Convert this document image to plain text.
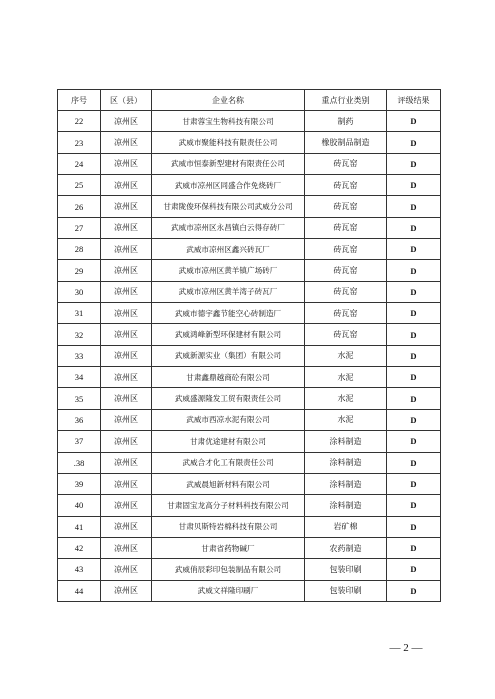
序号	区（县）	企业名称	重点行业类别	评级结果
22	凉州区	甘肃蓉宝生物科技有限公司	制药	D
23	凉州区	武威市聚能科技有限责任公司	橡胶制品制造	D
24	凉州区	武威市恒泰新型建材有限责任公司	砖瓦窑	D
25	凉州区	武威市凉州区同盛合作免烧砖厂	砖瓦窑	D
26	凉州区	甘肃陇俊环保科技有限公司武威分公司	砖瓦窑	D
27	凉州区	武威市凉州区永昌镇白云得存砖厂	砖瓦窑	D
28	凉州区	武威市凉州区鑫兴砖瓦厂	砖瓦窑	D
29	凉州区	武威市凉州区黄羊镇广场砖厂	砖瓦窑	D
30	凉州区	武威市凉州区黄羊湾子砖瓦厂	砖瓦窑	D
31	凉州区	武威市德宇鑫节能空心砖制造厂	砖瓦窑	D
32	凉州区	武威鸿峰新型环保建材有限公司	砖瓦窑	D
33	凉州区	武威新源实业（集团）有限公司	水泥	D
34	凉州区	甘肃鑫鼎越商砼有限公司	水泥	D
35	凉州区	武威盛源隆发工贸有限责任公司	水泥	D
36	凉州区	武威市西凉水泥有限公司	水泥	D
37	凉州区	甘肃优途建材有限公司	涂料制造	D
.38	凉州区	武威合才化工有限责任公司	涂料制造	D
39	凉州区	武威晨旭新材料有限公司	涂料制造	D
40	凉州区	甘肃固宝龙高分子材料科技有限公司	涂料制造	D
41	凉州区	甘肃贝斯特岩棉科技有限公司	岩矿棉	D
42	凉州区	甘肃省药物碱厂	农药制造	D
43	凉州区	武威俏辰彩印包装制品有限公司	包装印刷	D
44	凉州区	武威文祥隆印刷厂	包装印刷	D
— 2 —
